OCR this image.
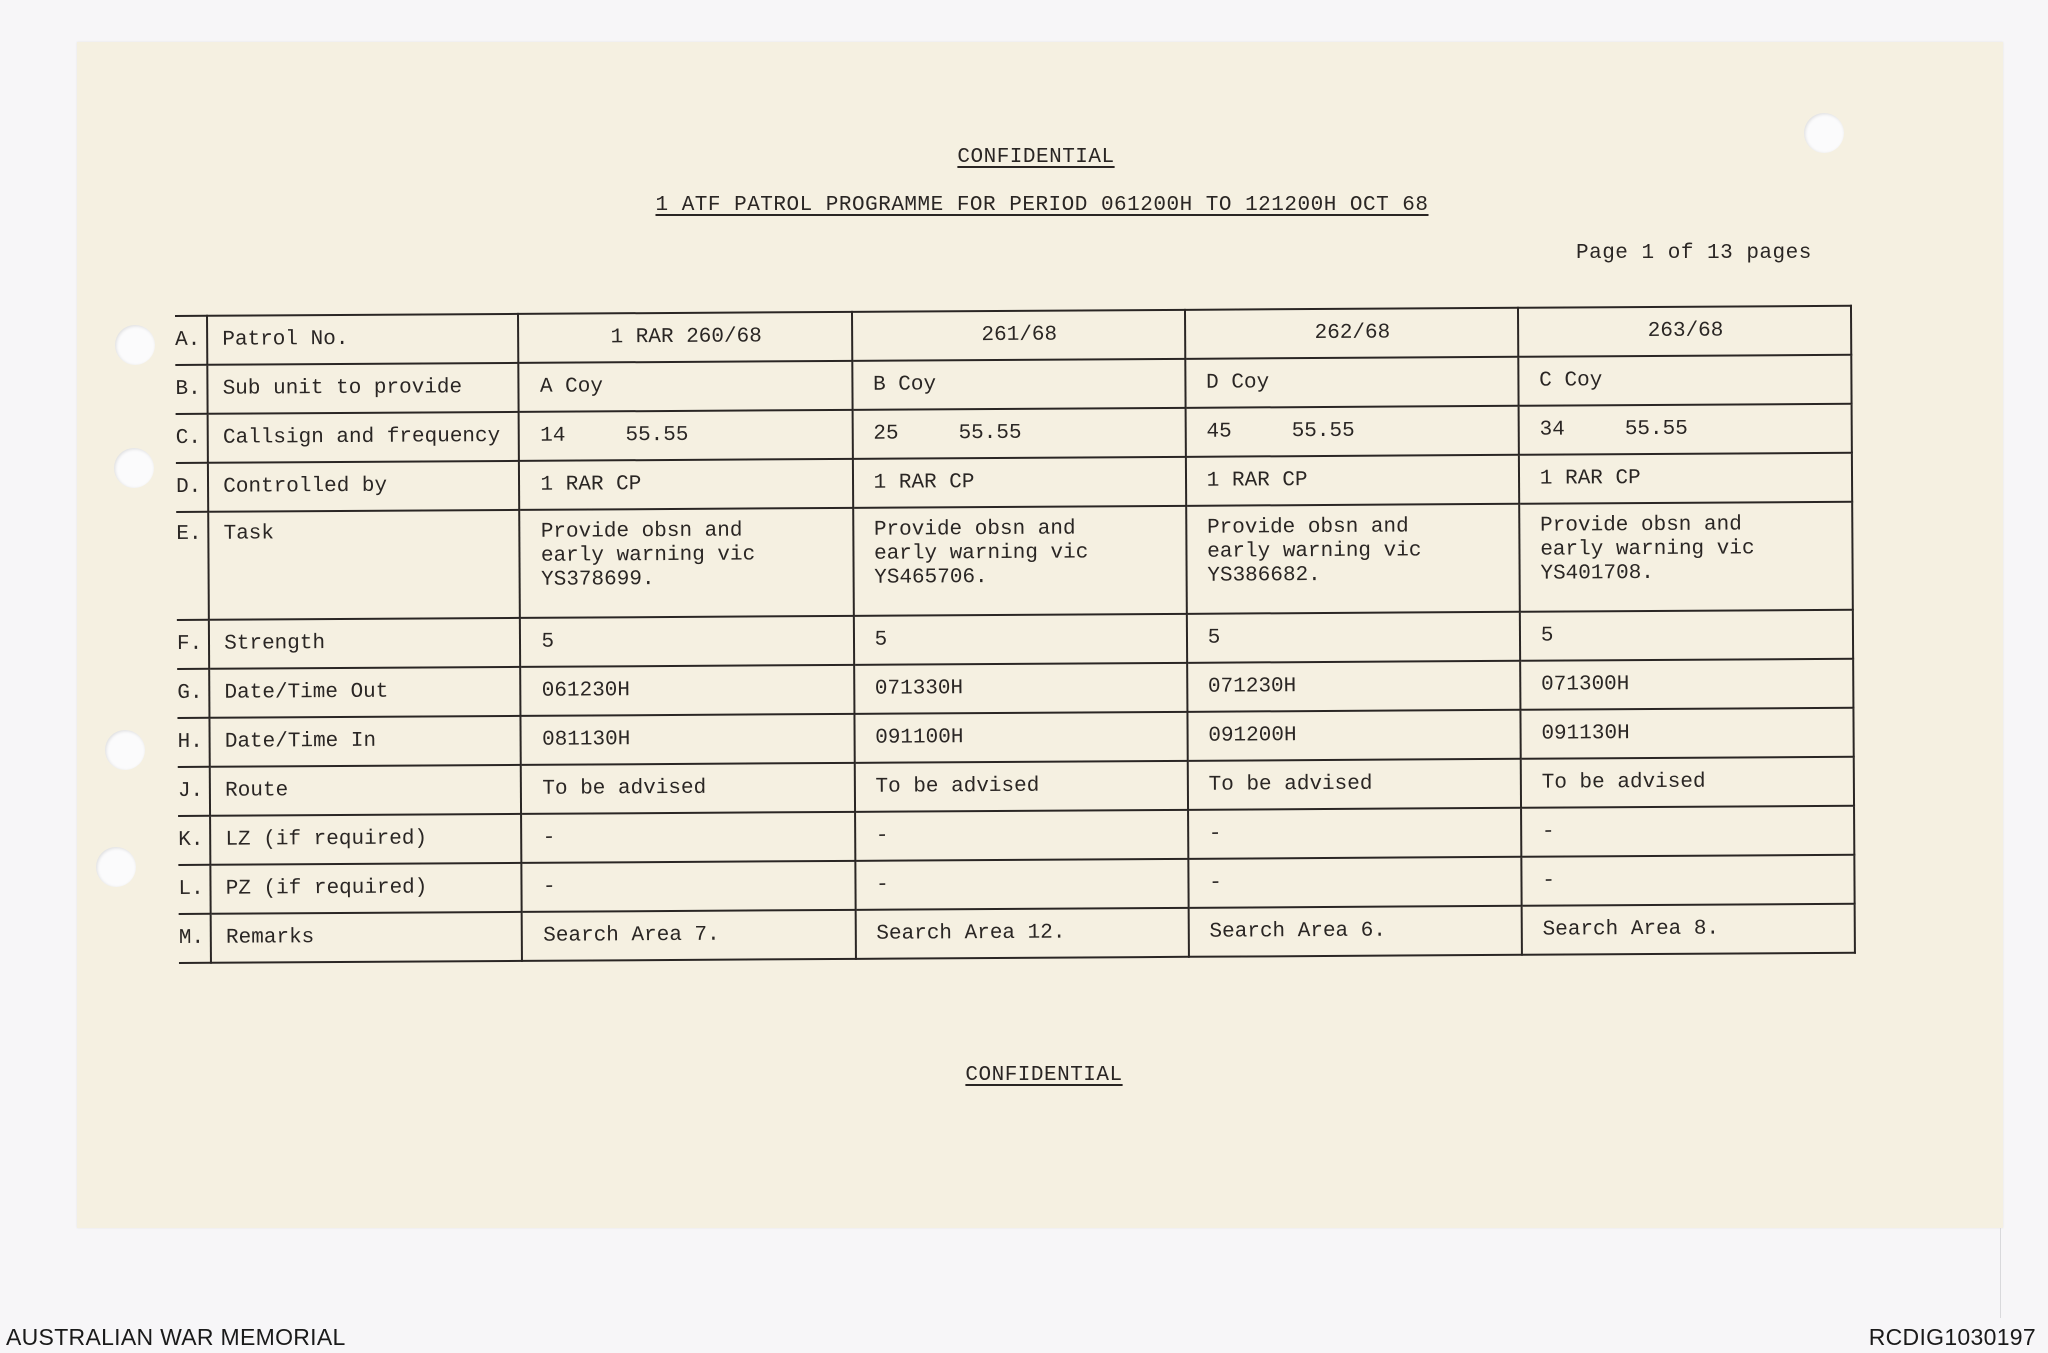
CONFIDENTIAL
1 ATF PATROL PROGRAMME FOR PERIOD 061200H TO 121200H OCT 68
Page 1 of 13 pages
A.	Patrol No.	1 RAR 260/68	261/68	262/68	263/68
B.	Sub unit to provide	A Coy	B Coy	D Coy	C Coy
C.	Callsign and frequency	14 55.55	25 55.55	45 55.55	34 55.55
D.	Controlled by	1 RAR CP	1 RAR CP	1 RAR CP	1 RAR CP
E.	Task	Provide obsn and
early warning vic
YS378699.	Provide obsn and
early warning vic
YS465706.	Provide obsn and
early warning vic
YS386682.	Provide obsn and
early warning vic
YS401708.

F.	Strength	5	5	5	5
G.	Date/Time Out	061230H	071330H	071230H	071300H
H.	Date/Time In	081130H	091100H	091200H	091130H
J.	Route	To be advised	To be advised	To be advised	To be advised
K.	LZ (if required)	-	-	-	-
L.	PZ (if required)	-	-	-	-
M.	Remarks	Search Area 7.	Search Area 12.	Search Area 6.	Search Area 8.
CONFIDENTIAL
AUSTRALIAN WAR MEMORIAL	RCDIG1030197
